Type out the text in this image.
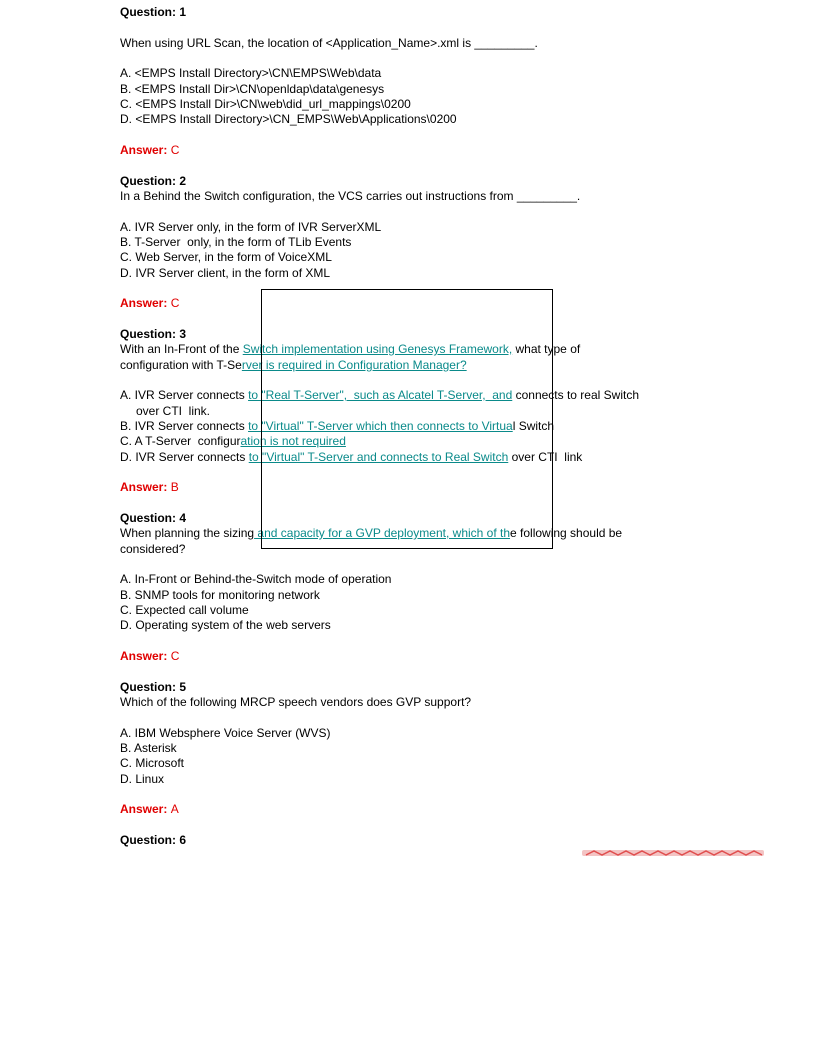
Question: 1
When using URL Scan, the location of <Application_Name>.xml is _________.
A. <EMPS Install Directory>\CN\EMPS\Web\data
B. <EMPS Install Dir>\CN\openldap\data\genesys
C. <EMPS Install Dir>\CN\web\did_url_mappings\0200
D. <EMPS Install Directory>\CN_EMPS\Web\Applications\0200
Answer: C
Question: 2
In a Behind the Switch configuration, the VCS carries out instructions from _________.
A. IVR Server only, in the form of IVR ServerXML
B. T-Server  only, in the form of TLib Events
C. Web Server, in the form of VoiceXML
D. IVR Server client, in the form of XML
Answer: C
Question: 3
With an In-Front of the Switch implementation using Genesys Framework, what type of
configuration with T-Server is required in Configuration Manager?
A. IVR Server connects to "Real T-Server",  such as Alcatel T-Server,  and connects to real Switch
over CTI  link.
B. IVR Server connects to "Virtual" T-Server which then connects to Virtual Switch
C. A T-Server  configuration is not required
D. IVR Server connects to "Virtual" T-Server and connects to Real Switch over CTI  link
Answer: B
Question: 4
When planning the sizing and capacity for a GVP deployment, which of the following should be
considered?
A. In-Front or Behind-the-Switch mode of operation
B. SNMP tools for monitoring network
C. Expected call volume
D. Operating system of the web servers
Answer: C
Question: 5
Which of the following MRCP speech vendors does GVP support?
A. IBM Websphere Voice Server (WVS)
B. Asterisk
C. Microsoft
D. Linux
Answer: A
Question: 6
